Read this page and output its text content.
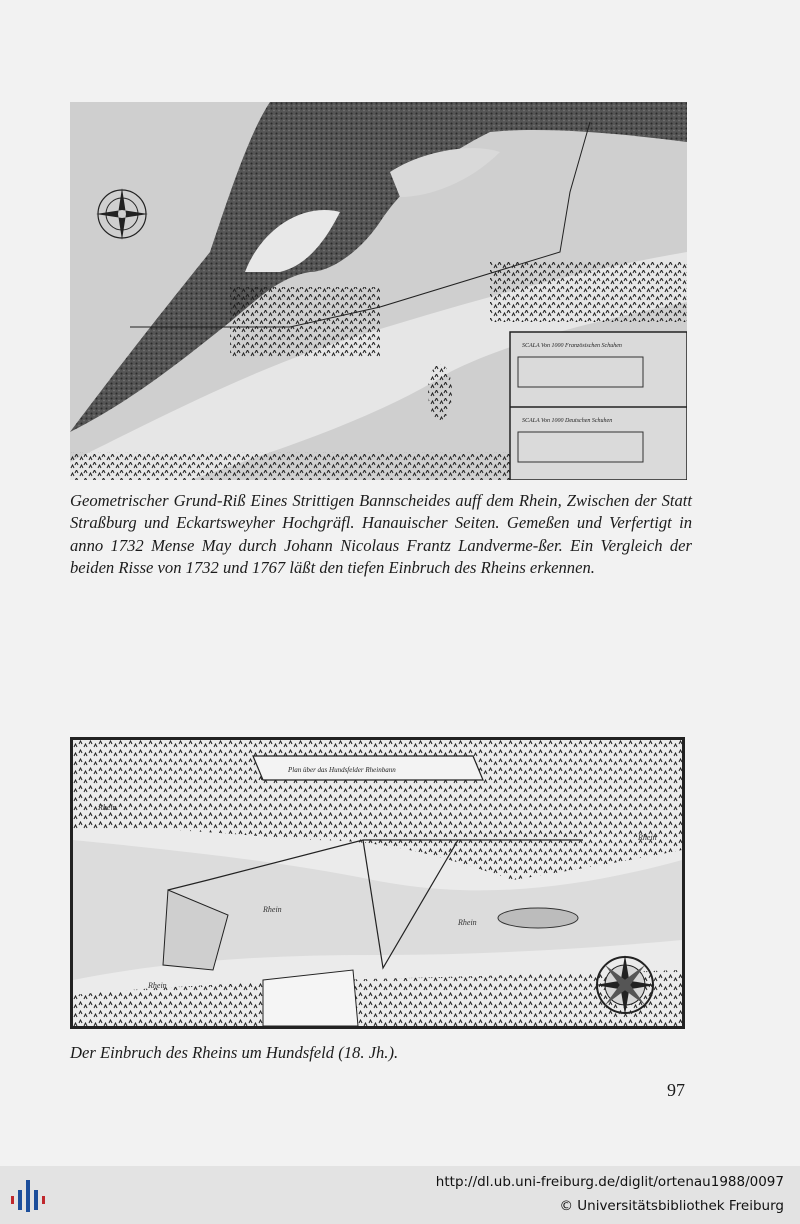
SCALA Von 1000 Französischen Schuhen
SCALA Von 1000 Deutschen Schuhen

Geometrischer Grund-Riß Eines Strittigen Bannscheides auff dem Rhein, Zwischen der Statt Straßburg und Eckartsweyher Hochgräfl. Hanauischer Seiten. Gemeßen und Verfertigt in anno 1732 Mense May durch Johann Nicolaus Frantz Landverme-ßer. Ein Vergleich der beiden Risse von 1732 und 1767 läßt den tiefen Einbruch des Rheins erkennen.

Plan über das Hundsfelder Rheinbann
Rhein
Rhein
Rhein
Rhein
Rhein

Der Einbruch des Rheins um Hundsfeld (18. Jh.).

97
http://dl.ub.uni-freiburg.de/diglit/ortenau1988/0097
© Universitätsbibliothek Freiburg
